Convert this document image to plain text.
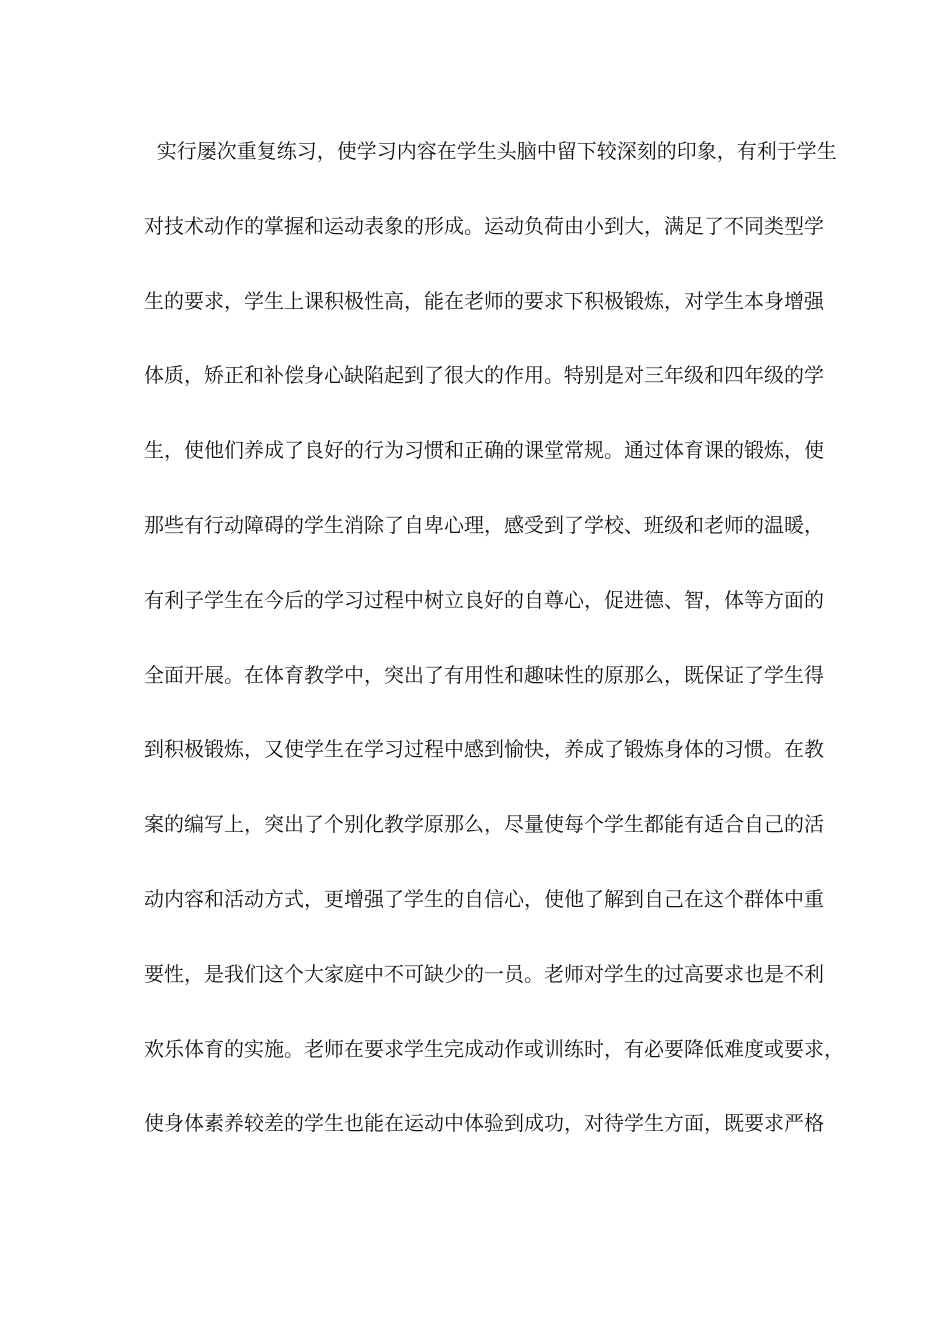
实行屡次重复练习，使学习内容在学生头脑中留下较深刻的印象，有利于学生
对技术动作的掌握和运动表象的形成。运动负荷由小到大，满足了不同类型学
生的要求，学生上课积极性高，能在老师的要求下积极锻炼，对学生本身增强
体质，矫正和补偿身心缺陷起到了很大的作用。特别是对三年级和四年级的学
生，使他们养成了良好的行为习惯和正确的课堂常规。通过体育课的锻炼，使
那些有行动障碍的学生消除了自卑心理，感受到了学校、班级和老师的温暖，
有利子学生在今后的学习过程中树立良好的自尊心，促进德、智，体等方面的
全面开展。在体育教学中，突出了有用性和趣味性的原那么，既保证了学生得
到积极锻炼，又使学生在学习过程中感到愉快，养成了锻炼身体的习惯。在教
案的编写上，突出了个别化教学原那么，尽量使每个学生都能有适合自己的活
动内容和活动方式，更增强了学生的自信心，使他了解到自己在这个群体中重
要性，是我们这个大家庭中不可缺少的一员。老师对学生的过高要求也是不利
欢乐体育的实施。老师在要求学生完成动作或训练时，有必要降低难度或要求，
使身体素养较差的学生也能在运动中体验到成功，对待学生方面，既要求严格
